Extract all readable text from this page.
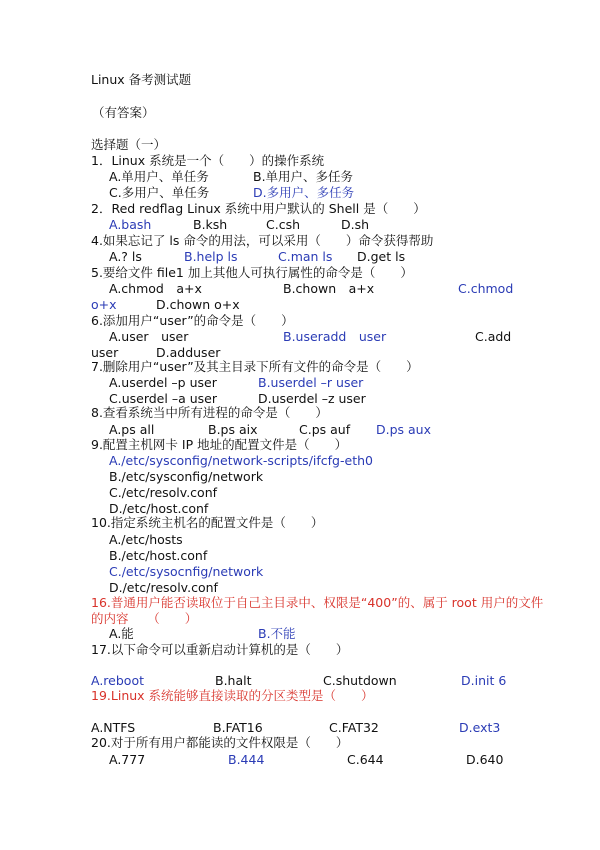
Linux 备考测试题
（有答案）
选择题（一）
1．Linux 系统是一个（　　）的操作系统
A.单用户、单任务	B.单用户、多任务
C.多用户、单任务	D.多用户、多任务
2．Red redflag Linux 系统中用户默认的 Shell 是（　　）
A.bash	B.ksh	C.csh	D.sh
4.如果忘记了 ls 命令的用法，可以采用（　　）命令获得帮助
A.? ls	B.help ls	C.man ls D.get ls
5.要给文件 file1 加上其他人可执行属性的命令是（　　）
A.chmod　a+x	B.chown　a+x	C.chmod
o+x	D.chown o+x
6.添加用户“user”的命令是（　　）
A.user　user	B.useradd　user	C.add
user	D.adduser
7.删除用户“user”及其主目录下所有文件的命令是（　　）
A.userdel –p user	B.userdel –r user
C.userdel –a user	D.userdel –z user
8.查看系统当中所有进程的命令是（　　）
A.ps all	B.ps aix	C.ps auf D.ps aux
9.配置主机网卡 IP 地址的配置文件是（　　）
A./etc/sysconfig/network-scripts/ifcfg-eth0
B./etc/sysconfig/network
C./etc/resolv.conf
D./etc/host.conf
10.指定系统主机名的配置文件是（　　）
A./etc/hosts
B./etc/host.conf
C./etc/sysocnfig/network
D./etc/resolv.conf
16.普通用户能否读取位于自己主目录中、权限是“400”的、属于 root 用户的文件
的内容　　（　　）
A.能	B.不能
17.以下命令可以重新启动计算机的是（　　）
A.reboot	B.halt	C.shutdown	D.init 6
19.Linux 系统能够直接读取的分区类型是（　　）
A.NTFS	B.FAT16	C.FAT32	D.ext3
20.对于所有用户都能读的文件权限是（　　）
A.777	B.444	C.644	D.640
